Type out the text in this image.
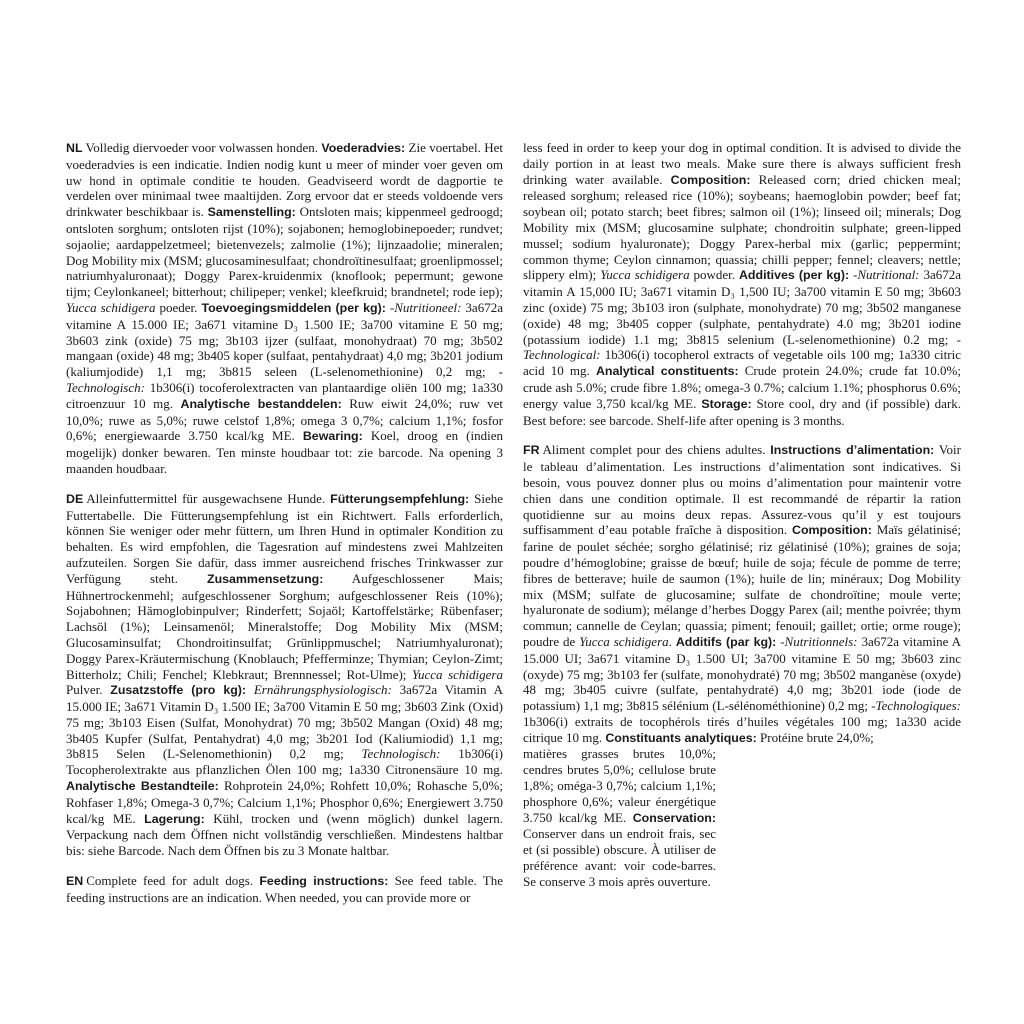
NL Volledig diervoeder voor volwassen honden. Voederadvies: Zie voertabel. Het voederadvies is een indicatie. Indien nodig kunt u meer of minder voer geven om uw hond in optimale conditie te houden. Geadviseerd wordt de dagportie te verdelen over minimaal twee maaltijden. Zorg ervoor dat er steeds voldoende vers drinkwater beschikbaar is. Samenstelling: Ontsloten mais; kippenmeel gedroogd; ontsloten sorghum; ontsloten rijst (10%); sojabonen; hemoglobinepoeder; rundvet; sojaolie; aardappelzetmeel; bietenvezels; zalmolie (1%); lijnzaadolie; mineralen; Dog Mobility mix (MSM; glucosaminesulfaat; chondroïtinesulfaat; groenlipmossel; natriumhyaluronaat); Doggy Parex-kruidenmix (knoflook; pepermunt; gewone tijm; Ceylonkaneel; bitterhout; chilipeper; venkel; kleefkruid; brandnetel; rode iep); Yucca schidigera poeder. Toevoegingsmiddelen (per kg): -Nutritioneel: 3a672a vitamine A 15.000 IE; 3a671 vitamine D₃ 1.500 IE; 3a700 vitamine E 50 mg; 3b603 zink (oxide) 75 mg; 3b103 ijzer (sulfaat, monohydraat) 70 mg; 3b502 mangaan (oxide) 48 mg; 3b405 koper (sulfaat, pentahydraat) 4,0 mg; 3b201 jodium (kaliumjodide) 1,1 mg; 3b815 seleen (L-selenomethionine) 0,2 mg; -Technologisch: 1b306(i) tocoferolextracten van plantaardige oliën 100 mg; 1a330 citroenzuur 10 mg. Analytische bestanddelen: Ruw eiwit 24,0%; ruw vet 10,0%; ruwe as 5,0%; ruwe celstof 1,8%; omega 3 0,7%; calcium 1,1%; fosfor 0,6%; energiewaarde 3.750 kcal/kg ME. Bewaring: Koel, droog en (indien mogelijk) donker bewaren. Ten minste houdbaar tot: zie barcode. Na opening 3 maanden houdbaar.

DE Alleinfuttermittel für ausgewachsene Hunde. Fütterungsempfehlung: Siehe Futtertabelle. Die Fütterungsempfehlung ist ein Richtwert. Falls erforderlich, können Sie weniger oder mehr füttern, um Ihren Hund in optimaler Kondition zu behalten. Es wird empfohlen, die Tagesration auf mindestens zwei Mahlzeiten aufzuteilen. Sorgen Sie dafür, dass immer ausreichend frisches Trinkwasser zur Verfügung steht. Zusammensetzung: Aufgeschlossener Mais; Hühnertrockenmehl; aufgeschlossener Sorghum; aufgeschlossener Reis (10%); Sojabohnen; Hämoglobinpulver; Rinderfett; Sojaöl; Kartoffelstärke; Rübenfaser; Lachsöl (1%); Leinsamenöl; Mineralstoffe; Dog Mobility Mix (MSM; Glucosaminsulfat; Chondroitinsulfat; Grünlippmuschel; Natriumhyaluronat); Doggy Parex-Kräutermischung (Knoblauch; Pfefferminze; Thymian; Ceylon-Zimt; Bitterholz; Chili; Fenchel; Klebkraut; Brennnessel; Rot-Ulme); Yucca schidigera Pulver. Zusatzstoffe (pro kg): Ernährungsphysiologisch: 3a672a Vitamin A 15.000 IE; 3a671 Vitamin D₃ 1.500 IE; 3a700 Vitamin E 50 mg; 3b603 Zink (Oxid) 75 mg; 3b103 Eisen (Sulfat, Monohydrat) 70 mg; 3b502 Mangan (Oxid) 48 mg; 3b405 Kupfer (Sulfat, Pentahydrat) 4,0 mg; 3b201 Iod (Kaliumiodid) 1,1 mg; 3b815 Selen (L-Selenomethionin) 0,2 mg; Technologisch: 1b306(i) Tocopherolextrakte aus pflanzlichen Ölen 100 mg; 1a330 Citronensäure 10 mg. Analytische Bestandteile: Rohprotein 24,0%; Rohfett 10,0%; Rohasche 5,0%; Rohfaser 1,8%; Omega-3 0,7%; Calcium 1,1%; Phosphor 0,6%; Energiewert 3.750 kcal/kg ME. Lagerung: Kühl, trocken und (wenn möglich) dunkel lagern. Verpackung nach dem Öffnen nicht vollständig verschließen. Mindestens haltbar bis: siehe Barcode. Nach dem Öffnen bis zu 3 Monate haltbar.

EN Complete feed for adult dogs. Feeding instructions: See feed table. The feeding instructions are an indication. When needed, you can provide more or

less feed in order to keep your dog in optimal condition. It is advised to divide the daily portion in at least two meals. Make sure there is always sufficient fresh drinking water available. Composition: Released corn; dried chicken meal; released sorghum; released rice (10%); soybeans; haemoglobin powder; beef fat; soybean oil; potato starch; beet fibres; salmon oil (1%); linseed oil; minerals; Dog Mobility mix (MSM; glucosamine sulphate; chondroitin sulphate; green-lipped mussel; sodium hyaluronate); Doggy Parex-herbal mix (garlic; peppermint; common thyme; Ceylon cinnamon; quassia; chilli pepper; fennel; cleavers; nettle; slippery elm); Yucca schidigera powder. Additives (per kg): -Nutritional: 3a672a vitamin A 15,000 IU; 3a671 vitamin D₃ 1,500 IU; 3a700 vitamin E 50 mg; 3b603 zinc (oxide) 75 mg; 3b103 iron (sulphate, monohydrate) 70 mg; 3b502 manganese (oxide) 48 mg; 3b405 copper (sulphate, pentahydrate) 4.0 mg; 3b201 iodine (potassium iodide) 1.1 mg; 3b815 selenium (L-selenomethionine) 0.2 mg; -Technological: 1b306(i) tocopherol extracts of vegetable oils 100 mg; 1a330 citric acid 10 mg. Analytical constituents: Crude protein 24.0%; crude fat 10.0%; crude ash 5.0%; crude fibre 1.8%; omega-3 0.7%; calcium 1.1%; phosphorus 0.6%; energy value 3,750 kcal/kg ME. Storage: Store cool, dry and (if possible) dark. Best before: see barcode. Shelf-life after opening is 3 months.

FR Aliment complet pour des chiens adultes. Instructions d’alimentation: Voir le tableau d’alimentation. Les instructions d’alimentation sont indicatives. Si besoin, vous pouvez donner plus ou moins d’alimentation pour maintenir votre chien dans une condition optimale. Il est recommandé de répartir la ration quotidienne sur au moins deux repas. Assurez-vous qu’il y est toujours suffisamment d’eau potable fraîche à disposition. Composition: Maïs gélatinisé; farine de poulet séchée; sorgho gélatinisé; riz gélatinisé (10%); graines de soja; poudre d’hémoglobine; graisse de bœuf; huile de soja; fécule de pomme de terre; fibres de betterave; huile de saumon (1%); huile de lin; minéraux; Dog Mobility mix (MSM; sulfate de glucosamine; sulfate de chondroïtine; moule verte; hyaluronate de sodium); mélange d’herbes Doggy Parex (ail; menthe poivrée; thym commun; cannelle de Ceylan; quassia; piment; fenouil; gaillet; ortie; orme rouge); poudre de Yucca schidigera. Additifs (par kg): -Nutritionnels: 3a672a vitamine A 15.000 UI; 3a671 vitamine D₃ 1.500 UI; 3a700 vitamine E 50 mg; 3b603 zinc (oxyde) 75 mg; 3b103 fer (sulfate, monohydraté) 70 mg; 3b502 manganèse (oxyde) 48 mg; 3b405 cuivre (sulfate, pentahydraté) 4,0 mg; 3b201 iode (iode de potassium) 1,1 mg; 3b815 sélénium (L-sélénométhionine) 0,2 mg; -Technologiques: 1b306(i) extraits de tocophérols tirés d’huiles végétales 100 mg; 1a330 acide citrique 10 mg. Constituants analytiques: Protéine brute 24,0%;

matières grasses brutes 10,0%; cendres brutes 5,0%; cellulose brute 1,8%; oméga-3 0,7%; calcium 1,1%; phosphore 0,6%; valeur énergétique 3.750 kcal/kg ME. Conservation: Conserver dans un endroit frais, sec et (si possible) obscure. À utiliser de préférence avant: voir code-barres. Se conserve 3 mois après ouverture.
